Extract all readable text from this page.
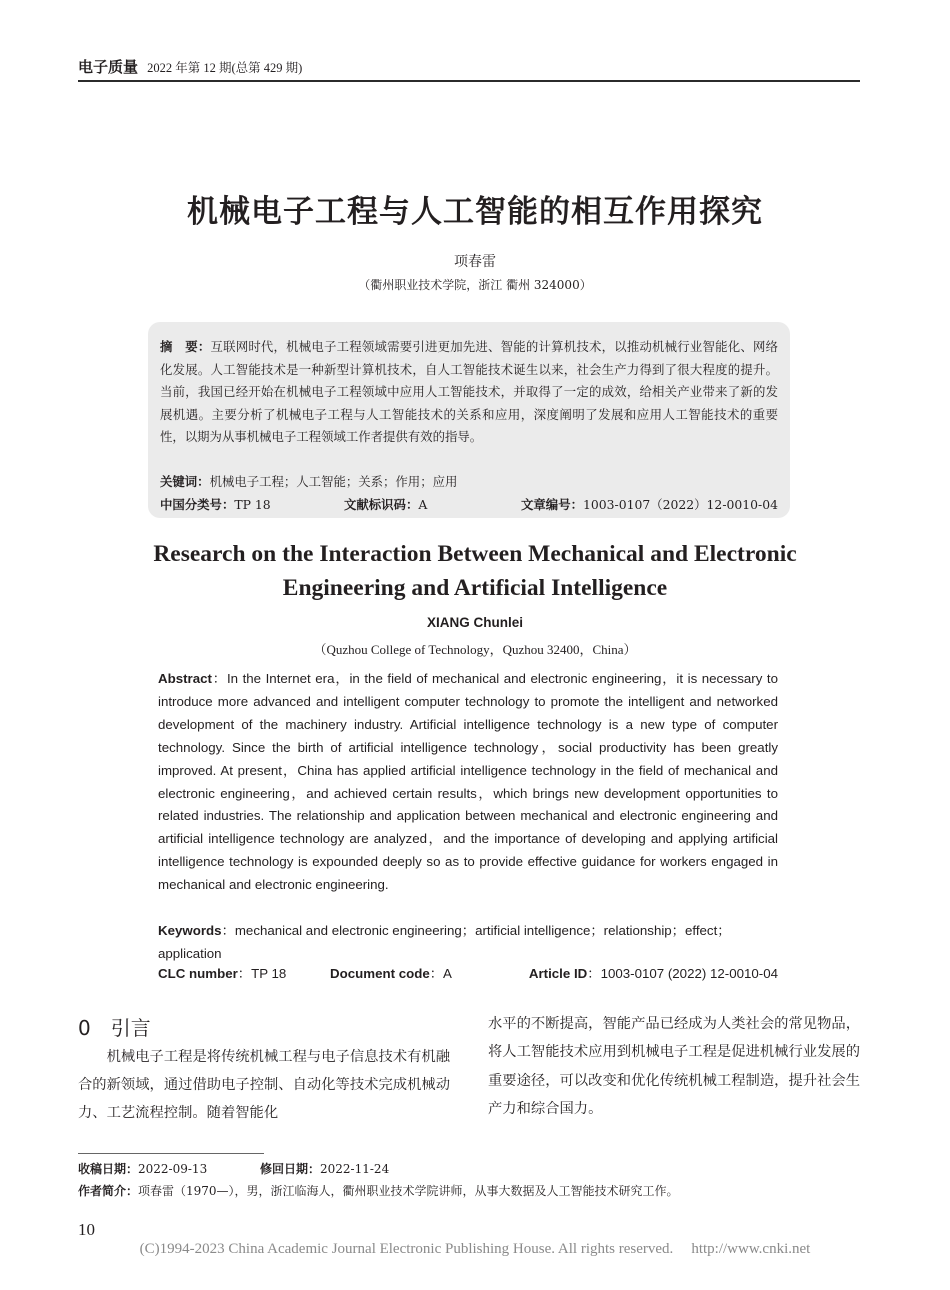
电子质量 2022 年第 12 期(总第 429 期)
机械电子工程与人工智能的相互作用探究
项春雷
（衢州职业技术学院，浙江 衢州 324000）
摘　要：互联网时代，机械电子工程领域需要引进更加先进、智能的计算机技术，以推动机械行业智能化、网络化发展。人工智能技术是一种新型计算机技术，自人工智能技术诞生以来，社会生产力得到了很大程度的提升。当前，我国已经开始在机械电子工程领域中应用人工智能技术，并取得了一定的成效，给相关产业带来了新的发展机遇。主要分析了机械电子工程与人工智能技术的关系和应用，深度阐明了发展和应用人工智能技术的重要性，以期为从事机械电子工程领域工作者提供有效的指导。
关键词：机械电子工程；人工智能；关系；作用；应用
中国分类号：TP 18	文献标识码：A	文章编号：1003-0107（2022）12-0010-04
Research on the Interaction Between Mechanical and Electronic
Engineering and Artificial Intelligence
XIANG Chunlei
（Quzhou College of Technology，Quzhou 32400，China）
Abstract：In the Internet era，in the field of mechanical and electronic engineering，it is necessary to introduce more advanced and intelligent computer technology to promote the intelligent and networked development of the machinery industry. Artificial intelligence technology is a new type of computer technology. Since the birth of artificial intelligence technology，social productivity has been greatly improved. At present，China has applied artificial intelligence technology in the field of mechanical and electronic engineering，and achieved certain results，which brings new development opportunities to related industries. The relationship and application between mechanical and electronic engineering and artificial intelligence technology are analyzed，and the importance of developing and applying artificial intelligence technology is expounded deeply so as to provide effective guidance for workers engaged in mechanical and electronic engineering.
Keywords：mechanical and electronic engineering；artificial intelligence；relationship；effect；application
CLC number：TP 18	Document code：A	Article ID：1003-0107 (2022) 12-0010-04
0 引言

机械电子工程是将传统机械工程与电子信息技术有机融合的新领域，通过借助电子控制、自动化等技术完成机械动力、工艺流程控制。随着智能化

水平的不断提高，智能产品已经成为人类社会的常见物品，将人工智能技术应用到机械电子工程是促进机械行业发展的重要途径，可以改变和优化传统机械工程制造，提升社会生产力和综合国力。

收稿日期：2022-09-13	修回日期：2022-11-24
作者简介：项春雷（1970—），男，浙江临海人，衢州职业技术学院讲师，从事大数据及人工智能技术研究工作。
10
(C)1994-2023 China Academic Journal Electronic Publishing House. All rights reserved. http://www.cnki.net
